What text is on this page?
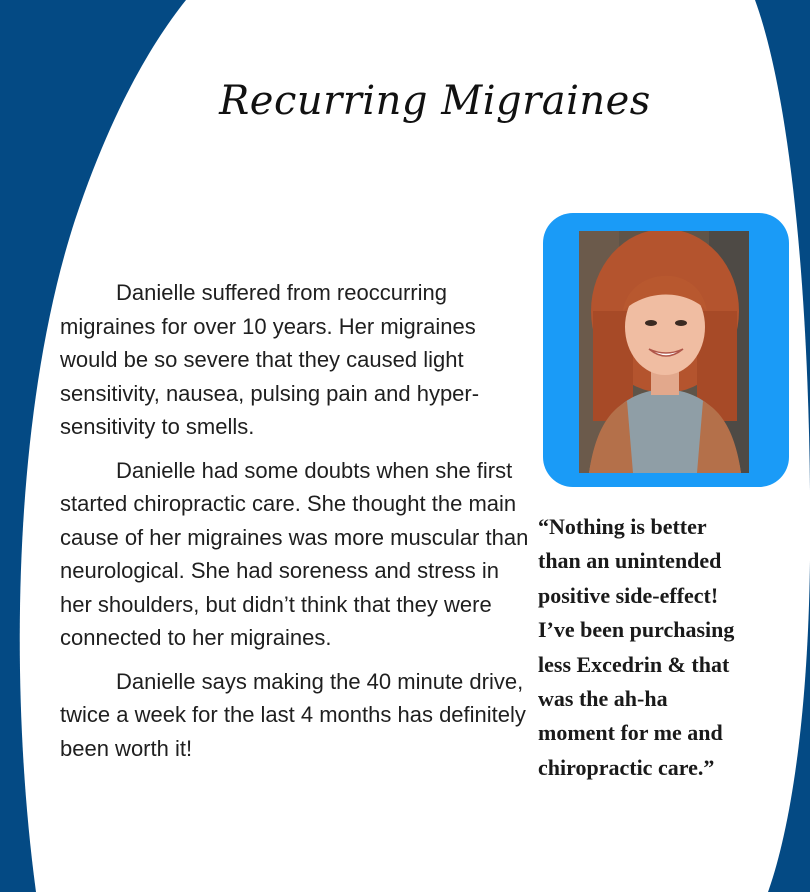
Recurring Migraines

Danielle suffered from reoccurring migraines for over 10 years. Her migraines would be so severe that they caused light sensitivity, nausea, pulsing pain and hyper-sensitivity to smells.

Danielle had some doubts when she first started chiropractic care. She thought the main cause of her migraines was more muscular than neurological. She had soreness and stress in her shoulders, but didn’t think that they were connected to her migraines.

Danielle says making the 40 minute drive, twice a week for the last 4 months has definitely been worth it!

“Nothing is better than an unintended positive side-effect! I’ve been purchasing less Excedrin & that was the ah-ha moment for me and chiropractic care.”
